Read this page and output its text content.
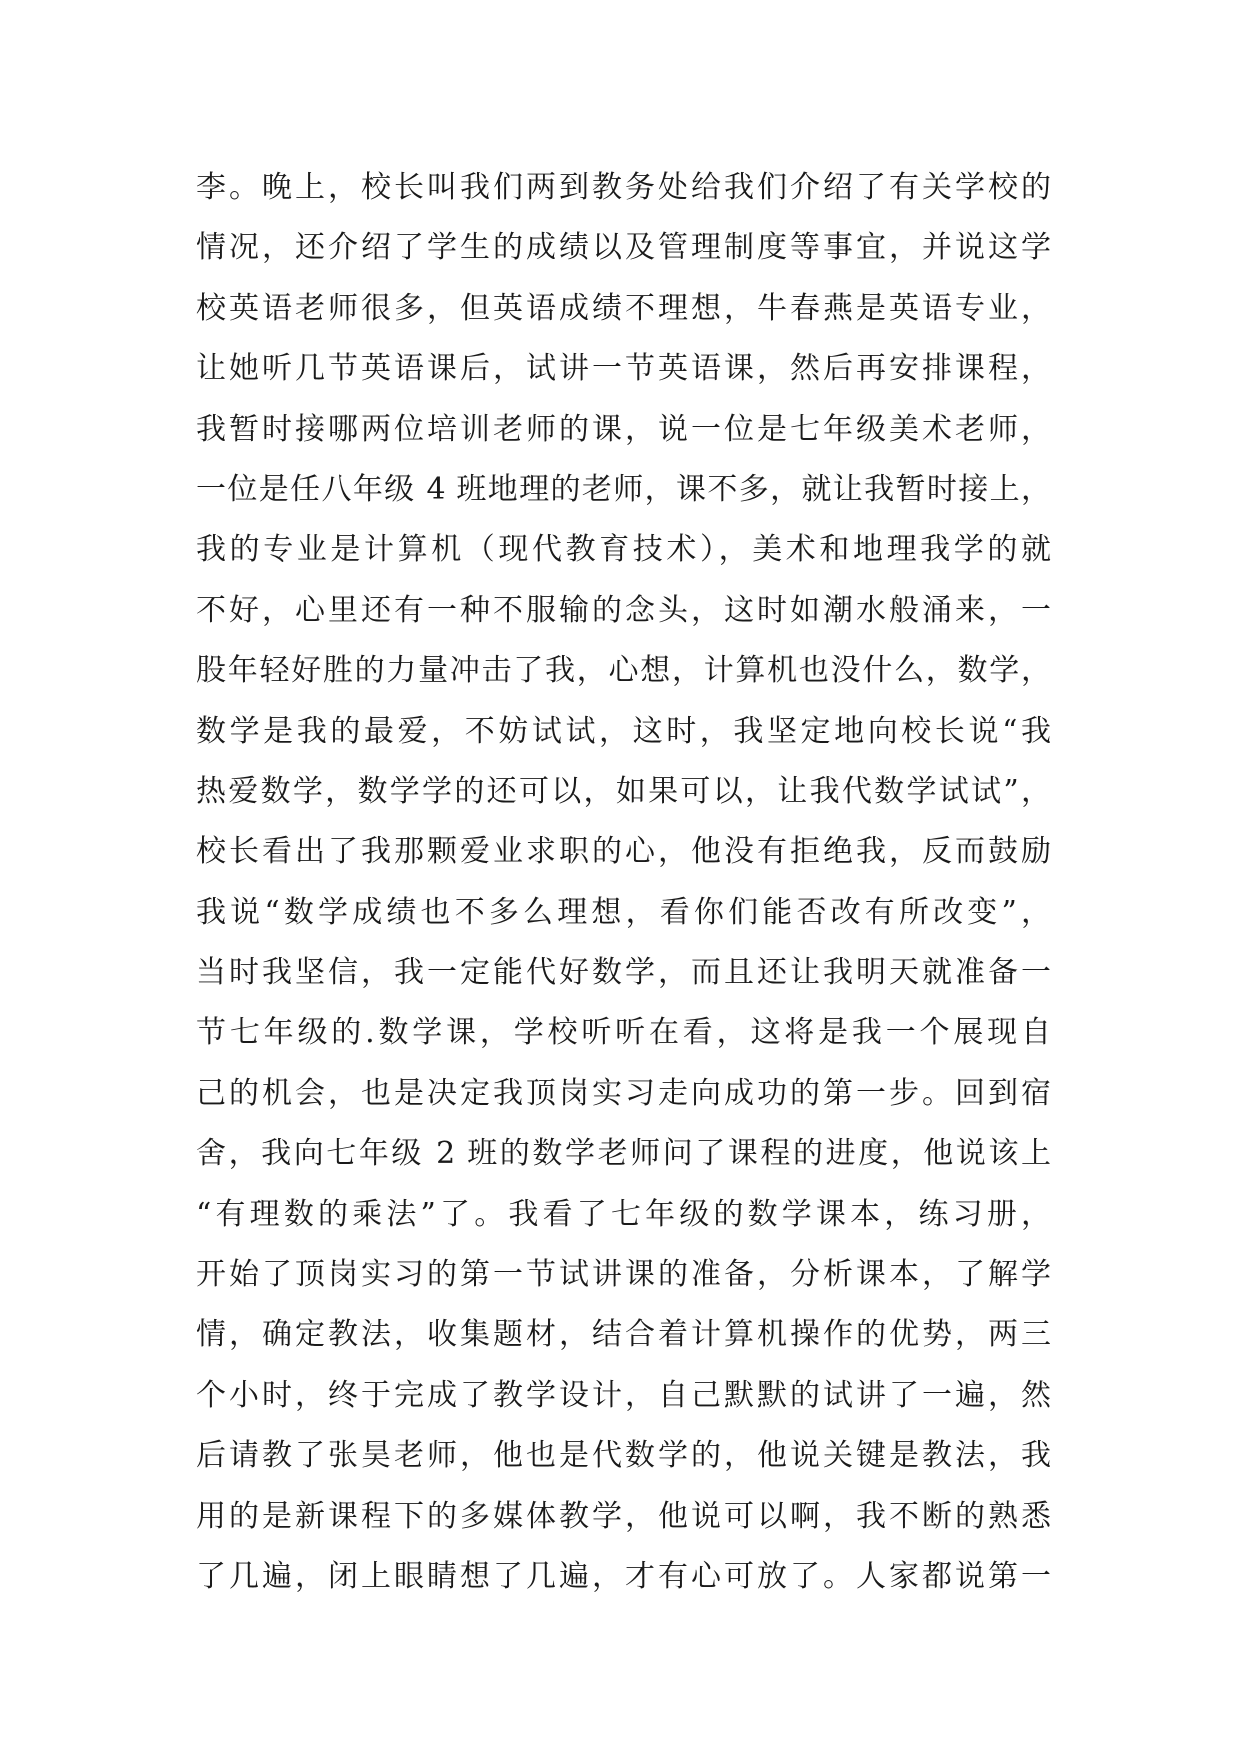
李。晚上，校长叫我们两到教务处给我们介绍了有关学校的
情况，还介绍了学生的成绩以及管理制度等事宜，并说这学
校英语老师很多，但英语成绩不理想，牛春燕是英语专业，
让她听几节英语课后，试讲一节英语课，然后再安排课程，
我暂时接哪两位培训老师的课，说一位是七年级美术老师，
一位是任八年级 4 班地理的老师，课不多，就让我暂时接上，
我的专业是计算机（现代教育技术），美术和地理我学的就
不好，心里还有一种不服输的念头，这时如潮水般涌来，一
股年轻好胜的力量冲击了我，心想，计算机也没什么，数学，
数学是我的最爱，不妨试试，这时，我坚定地向校长说“我
热爱数学，数学学的还可以，如果可以，让我代数学试试”，
校长看出了我那颗爱业求职的心，他没有拒绝我，反而鼓励
我说“数学成绩也不多么理想，看你们能否改有所改变”，
当时我坚信，我一定能代好数学，而且还让我明天就准备一
节七年级的.数学课，学校听听在看，这将是我一个展现自
己的机会，也是决定我顶岗实习走向成功的第一步。回到宿
舍，我向七年级 2 班的数学老师问了课程的进度，他说该上
“有理数的乘法”了。我看了七年级的数学课本，练习册，
开始了顶岗实习的第一节试讲课的准备，分析课本，了解学
情，确定教法，收集题材，结合着计算机操作的优势，两三
个小时，终于完成了教学设计，自己默默的试讲了一遍，然
后请教了张昊老师，他也是代数学的，他说关键是教法，我
用的是新课程下的多媒体教学，他说可以啊，我不断的熟悉
了几遍，闭上眼睛想了几遍，才有心可放了。人家都说第一
